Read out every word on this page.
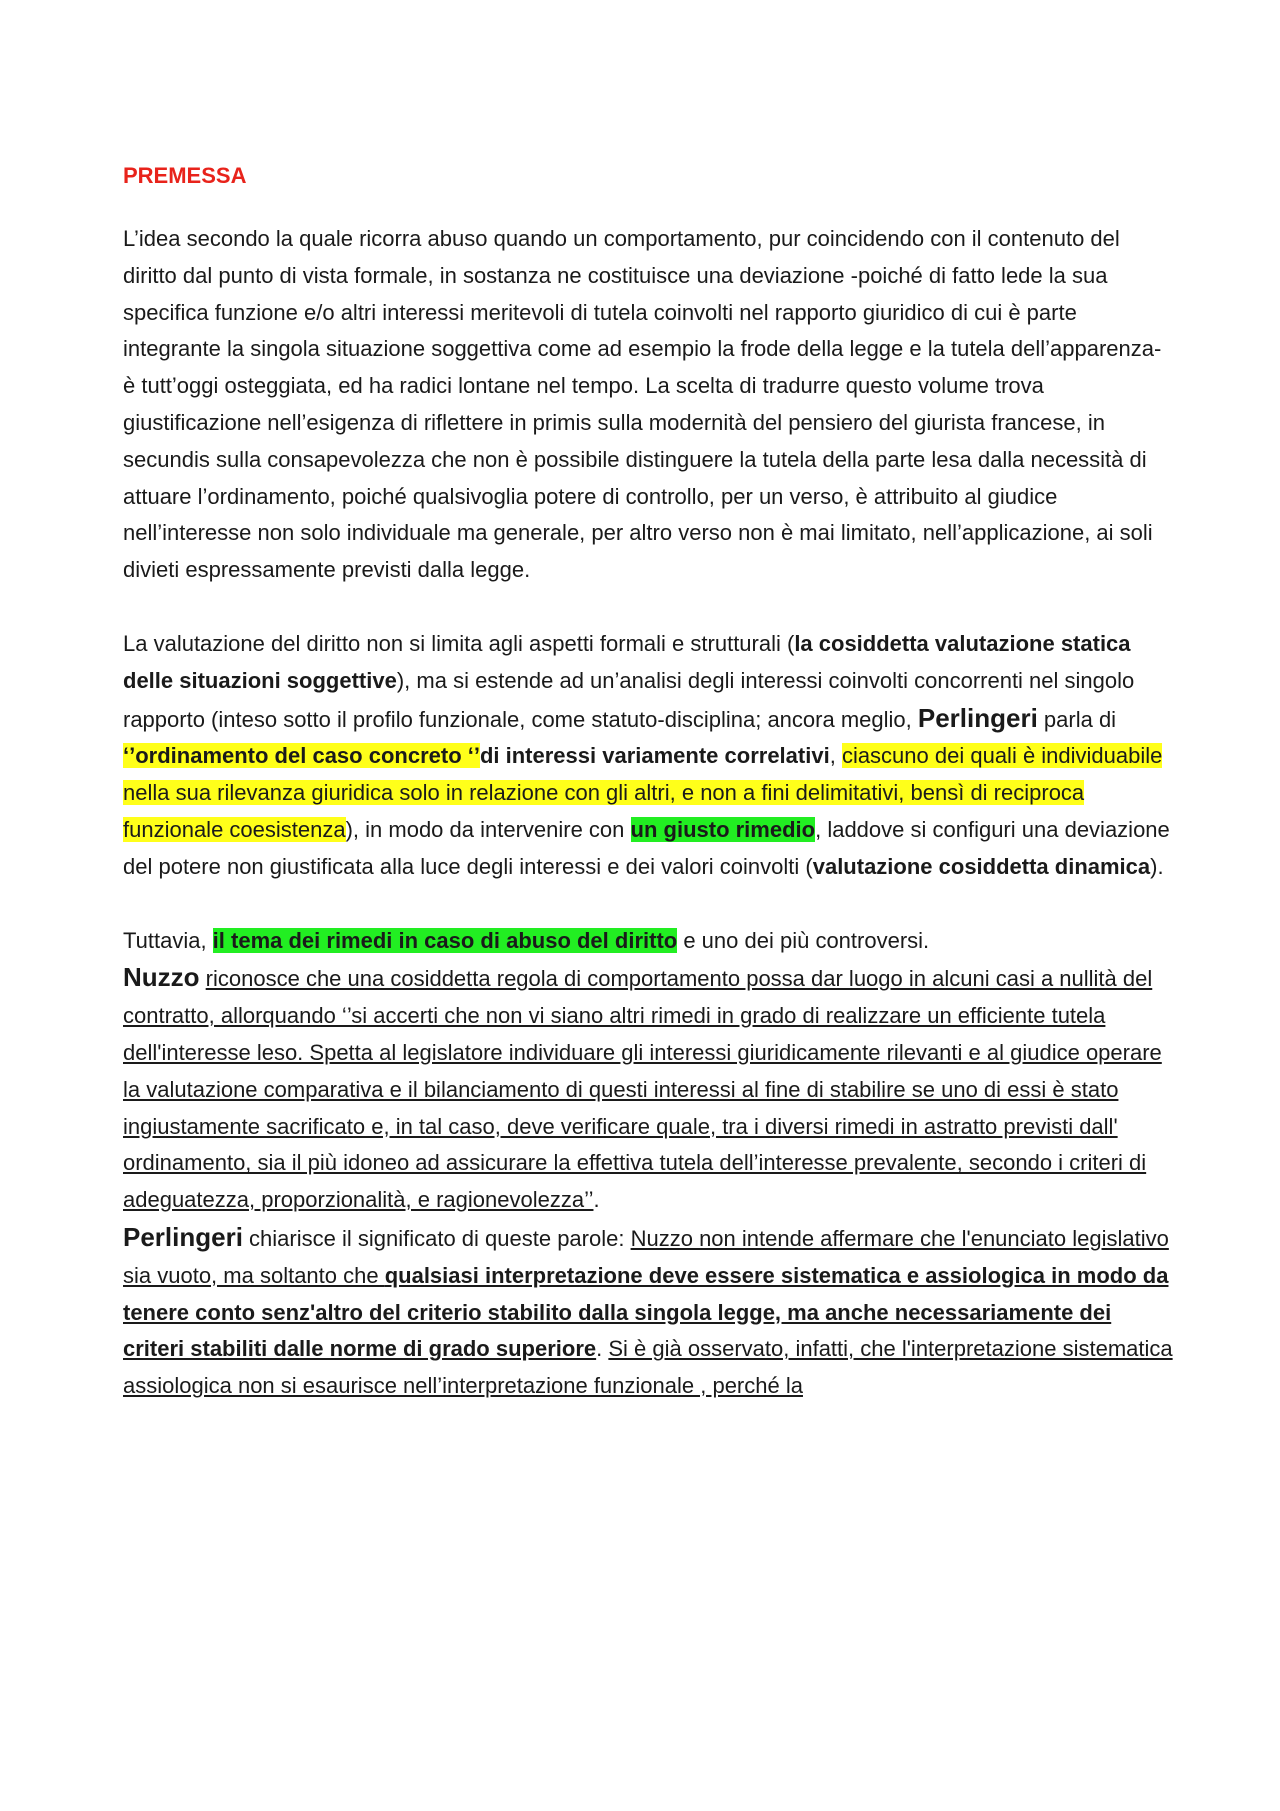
PREMESSA

L’idea secondo la quale ricorra abuso quando un comportamento, pur coincidendo con il contenuto del diritto dal punto di vista formale, in sostanza ne costituisce una deviazione -poiché di fatto lede la sua specifica funzione e/o altri interessi meritevoli di tutela coinvolti nel rapporto giuridico di cui è parte integrante la singola situazione soggettiva come ad esempio la frode della legge e la tutela dell’apparenza- è tutt’oggi osteggiata, ed ha radici lontane nel tempo. La scelta di tradurre questo volume trova giustificazione nell’esigenza di riflettere in primis sulla modernità del pensiero del giurista francese, in secundis sulla consapevolezza che non è possibile distinguere la tutela della parte lesa dalla necessità di attuare l’ordinamento, poiché qualsivoglia potere di controllo, per un verso, è attribuito al giudice nell’interesse non solo individuale ma generale, per altro verso non è mai limitato, nell’applicazione, ai soli divieti espressamente previsti dalla legge.

La valutazione del diritto non si limita agli aspetti formali e strutturali (la cosiddetta valutazione statica delle situazioni soggettive), ma si estende ad un’analisi degli interessi coinvolti concorrenti nel singolo rapporto (inteso sotto il profilo funzionale, come statuto-disciplina; ancora meglio, Perlingeri parla di ‘’ordinamento del caso concreto ‘’di interessi variamente correlativi, ciascuno dei quali è individuabile nella sua rilevanza giuridica solo in relazione con gli altri, e non a fini delimitativi, bensì di reciproca funzionale coesistenza), in modo da intervenire con un giusto rimedio, laddove si configuri una deviazione del potere non giustificata alla luce degli interessi e dei valori coinvolti (valutazione cosiddetta dinamica).

Tuttavia, il tema dei rimedi in caso di abuso del diritto e uno dei più controversi.
Nuzzo riconosce che una cosiddetta regola di comportamento possa dar luogo in alcuni casi a nullità del contratto, allorquando ‘’si accerti che non vi siano altri rimedi in grado di realizzare un efficiente tutela dell'interesse leso. Spetta al legislatore individuare gli interessi giuridicamente rilevanti e al giudice operare la valutazione comparativa e il bilanciamento di questi interessi al fine di stabilire se uno di essi è stato ingiustamente sacrificato e, in tal caso, deve verificare quale, tra i diversi rimedi in astratto previsti dall' ordinamento, sia il più idoneo ad assicurare la effettiva tutela dell’interesse prevalente, secondo i criteri di adeguatezza, proporzionalità, e ragionevolezza’’.

Perlingeri chiarisce il significato di queste parole: Nuzzo non intende affermare che l'enunciato legislativo sia vuoto, ma soltanto che qualsiasi interpretazione deve essere sistematica e assiologica in modo da tenere conto senz'altro del criterio stabilito dalla singola legge, ma anche necessariamente dei criteri stabiliti dalle norme di grado superiore. Si è già osservato, infatti, che l'interpretazione sistematica assiologica non si esaurisce nell’interpretazione funzionale , perché la
